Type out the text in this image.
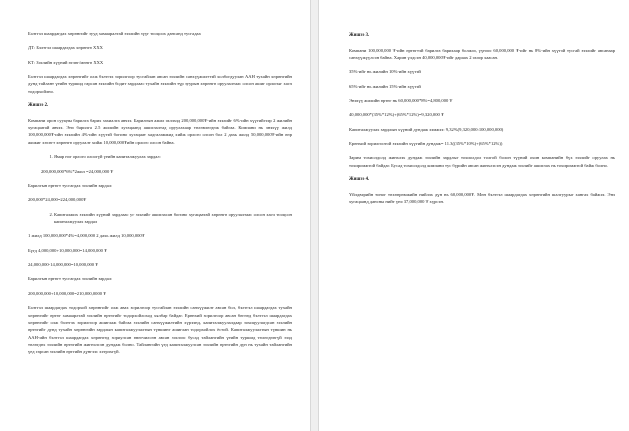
Бэлтгэл шаардагдах хөрөнгийг зууд хамааралтай зээлийн зүүг тооцоох дансанд тусгадаа

ДТ: Бэлтгэл шаардагдах хөрөнгө XXX

КТ: Зээлийн хүүний өглөг/мөнгө XXX

Бэлтгэл шаардагдах хөрөнгийг олж бэлтгэх зорилгоор тусгайлан авсан зээлийн санхүүжилттэй холбогдуулан ААН тухайн хөрөнгийн дунд тайлант үеийн туршид гарсан зээлийн бодит зардлаас тухайн зээлийн түр зуурын хөрөнгө оруулалтаас олсон ашиг орлогыг хасч тодорхойлно.

Жишээ 2.

Компани орон сууцны барилга барих захиалга авчээ. Барилгын ажил эхлэхэд 200,000,000₮-ийн зээлийг 6%-ийн хүүгийгээр 2 жилийн хугацаатай авчээ. Энэ барилга 2.5 жилийн хугацаанд ашиглалтад оруулахаар төлөвлөгдөж байгаа. Компани нь энэхүү жилд 100,000,000₮-ийн зээлийн 4%-ийн хүүтэй богино хугацаат хадгаламжид хийж орлого олсон бол 2 дахь жилд 50,000,000₮-ийн өөр жижиг хөсөгт хөрөнгө оруулалт хийж 10,000,000₮ийн орлого олсон байна.

1. Ямар нэг орлого олоогүй үеийн капиталжуулах зардал:

200,000,000*6%*2жил =24,000,000 ₮

Барилгын өртөгт тусгагдах зээлийн зардал:

200,000*24,000=224,000,000₮

2. Капиталжих зээлийн хүүний зардлаас уг зээлийг ашигласан богино хугацаатай хөрөнгө оруулалтаас олсон хасч тооцсон капиталжуулах зардал

1 жилд 100,000,000*4%=4,000,000 2 дахь жилд 10,000,000₮

Бүгд 4,000,000+10,000,000=14,000,000 ₮

24,000,000-14,000,000=10,000,000 ₮

Барилгын өртөгт тусгагдах зээлийн зардал:

200,000,000+10,000,000=210,000,0000 ₮

Бэлтгэл шаардагдах тодорхой хөрөнгийг олж авах зорилгоор тусгайлан зээлийн санхүүжилт авсан бол, бэлтгэл шаардагдах тухайн хөрөнгийг өртөг хамаарлтай зээлийн өртөгийг тодорхойлоход хялбар байдаг. Ерөнхий зорилгоор авсан бөгөөд бэлтгэл шаардагдах хөрөнгийг олж бэлтгэх зорилгоор ашиглаж байгаа зээлийн санхүүжилтийн хүрээнд, капиталжуулалдаар зохицуулагдсан зээлийн өртөгийг дунд тухайн хөрөнгийн зардлын капиталжуулалтын түвшинг ашиглан тодорхойлох ёстой. Капиталжуулалтын түвшин нь ААН-ийн бэлтгэл шаардагдах хөрөнгөд зориулсан өвөгчилсөн авсан зээлээс бусад тайлангийн үеийн туршид төлөгдөөгүй зээд төлөгдөх зээлийн өртөгийн жигнэлсэн дундаж болно. Тайлангийн үед капиталжуулсан зээлийн өртөгийн дүн нь тухайн тайлангийн үед гарсан зээлийн өртгийн дүнгээс хэтрэхгүй.

Жишээ 3.

Компани 100,000,000 ₮-ийн өртөгтэй барилга барихаар болжээ, үүнээс 60,000,000 ₮-ийг нь 8%-ийн хүүтэй тусгай зээлийг авсанаар санхүүжүүлсэн байна. Харин үлдсэн 40,000,000₮-ийг дараах 2 эхээр хаасан.

35%-ийг нь жилийн 10%-ийн хүүтэй

65%-ийг нь жилийн 15%-ийн хүүтэй

Энэхүү жилийн өртөг нь 60,000,000*8%=4,800,000 ₮

40,000,000*(35%*12%)+(65%*12%)=9,320,000 ₮

Капиталжуулах зардлын хүүний дундаж хэмжээ: 9,32%(9,320,000:100,000,000)

Ерөнхий зорилгоотой зээлийн хүүгийн дундаж= 11.3((35%*10%)+(65%*12%))

Зарим тохиолдолд жинхлэх дундаж зээлийн зардлыг тохиолдол толгой болон түүний охин компанийн бүх зээлийг оруулах нь тохиромжтой байдаг. Бусад тохиолдолд компани тус бүрийн авсан жинхлэсэн дундаж зээлийг ашиглах нь тохиромжтой байж болно.

Жишээ 4.

Үйлдвэрийн тоног төхөөрөмжийн нийлэх дүн нь 60,000,000₮. Мөн бэлтгэл шаардагдах хөрөнгийн шалгуурыг хангах байжээ. Энэ хугацаанд дансны нийт үнэ 37,000,000 ₮ хүрсэн.
